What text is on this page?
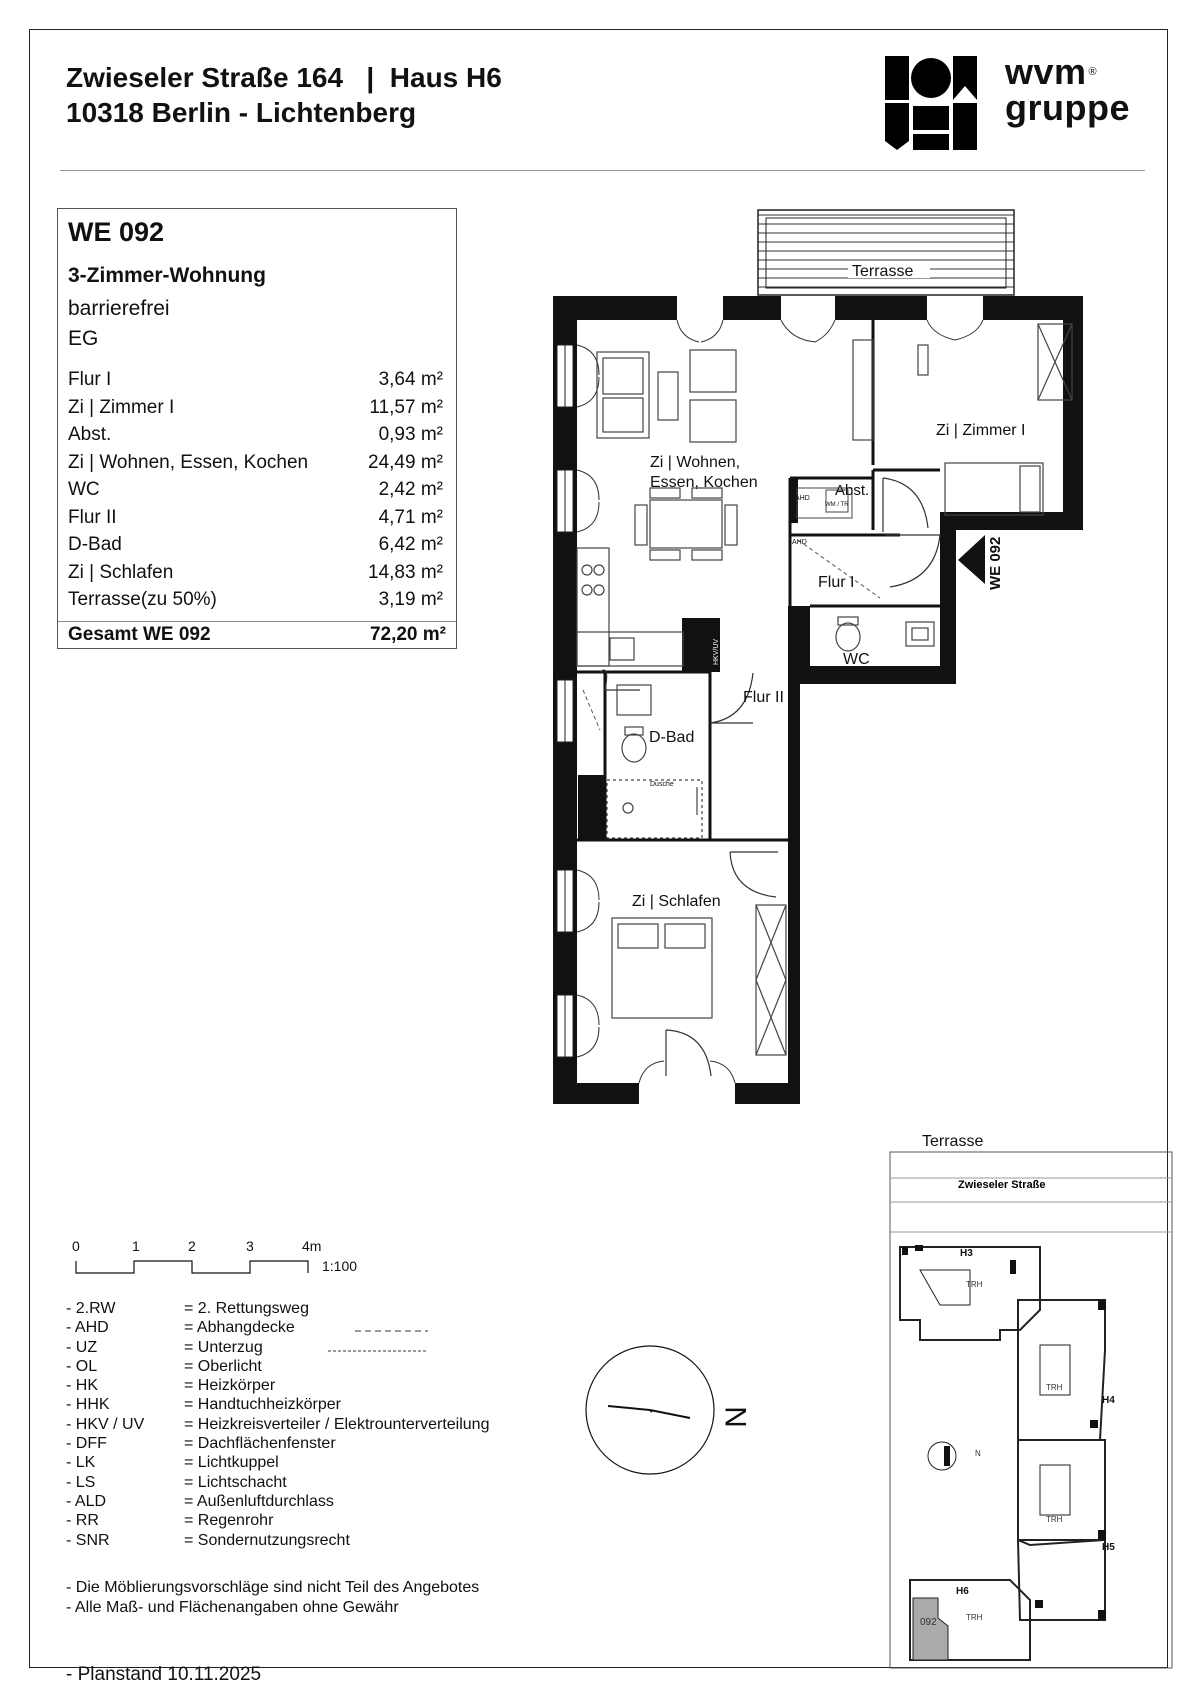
Zwieseler Straße 164   |  Haus H6
10318 Berlin - Lichtenberg
wvm ®
gruppe
WE 092
3-Zimmer-Wohnung
barrierefrei
EG
Flur I	3,64 m²
Zi | Zimmer I	11,57 m²
Abst.	0,93 m²
Zi | Wohnen, Essen, Kochen	24,49 m²
WC	2,42 m²
Flur II	4,71 m²
D-Bad	6,42 m²
Zi | Schlafen	14,83 m²
Terrasse(zu 50%)	3,19 m²
Gesamt WE 092	72,20 m²
Terrasse
Zi | Wohnen,
Essen, Kochen
Zi | Zimmer I
Abst.
WM / TR
AHD
AHD
Flur I
WC
HKV/UV
Flur II
D-Bad
Dusche
Zi | Schlafen
WE 092
0	1	2	3	4m
1:100
- 2.RW	= 2. Rettungsweg
- AHD	= Abhangdecke
- UZ	= Unterzug
- OL	= Oberlicht
- HK	= Heizkörper
- HHK	= Handtuchheizkörper
- HKV / UV	= Heizkreisverteiler / Elektrounterverteilung
- DFF	= Dachflächenfenster
- LK	= Lichtkuppel
- LS	= Lichtschacht
- ALD	= Außenluftdurchlass
- RR	= Regenrohr
- SNR	= Sondernutzungsrecht
- Die Möblierungsvorschläge sind nicht Teil des Angebotes
- Alle Maß- und Flächenangaben ohne Gewähr
- Planstand 10.11.2025
N
Terrasse
Zwieseler Straße
H3
H4
H5
H6
TRH
TRH
TRH
TRH
092
N
